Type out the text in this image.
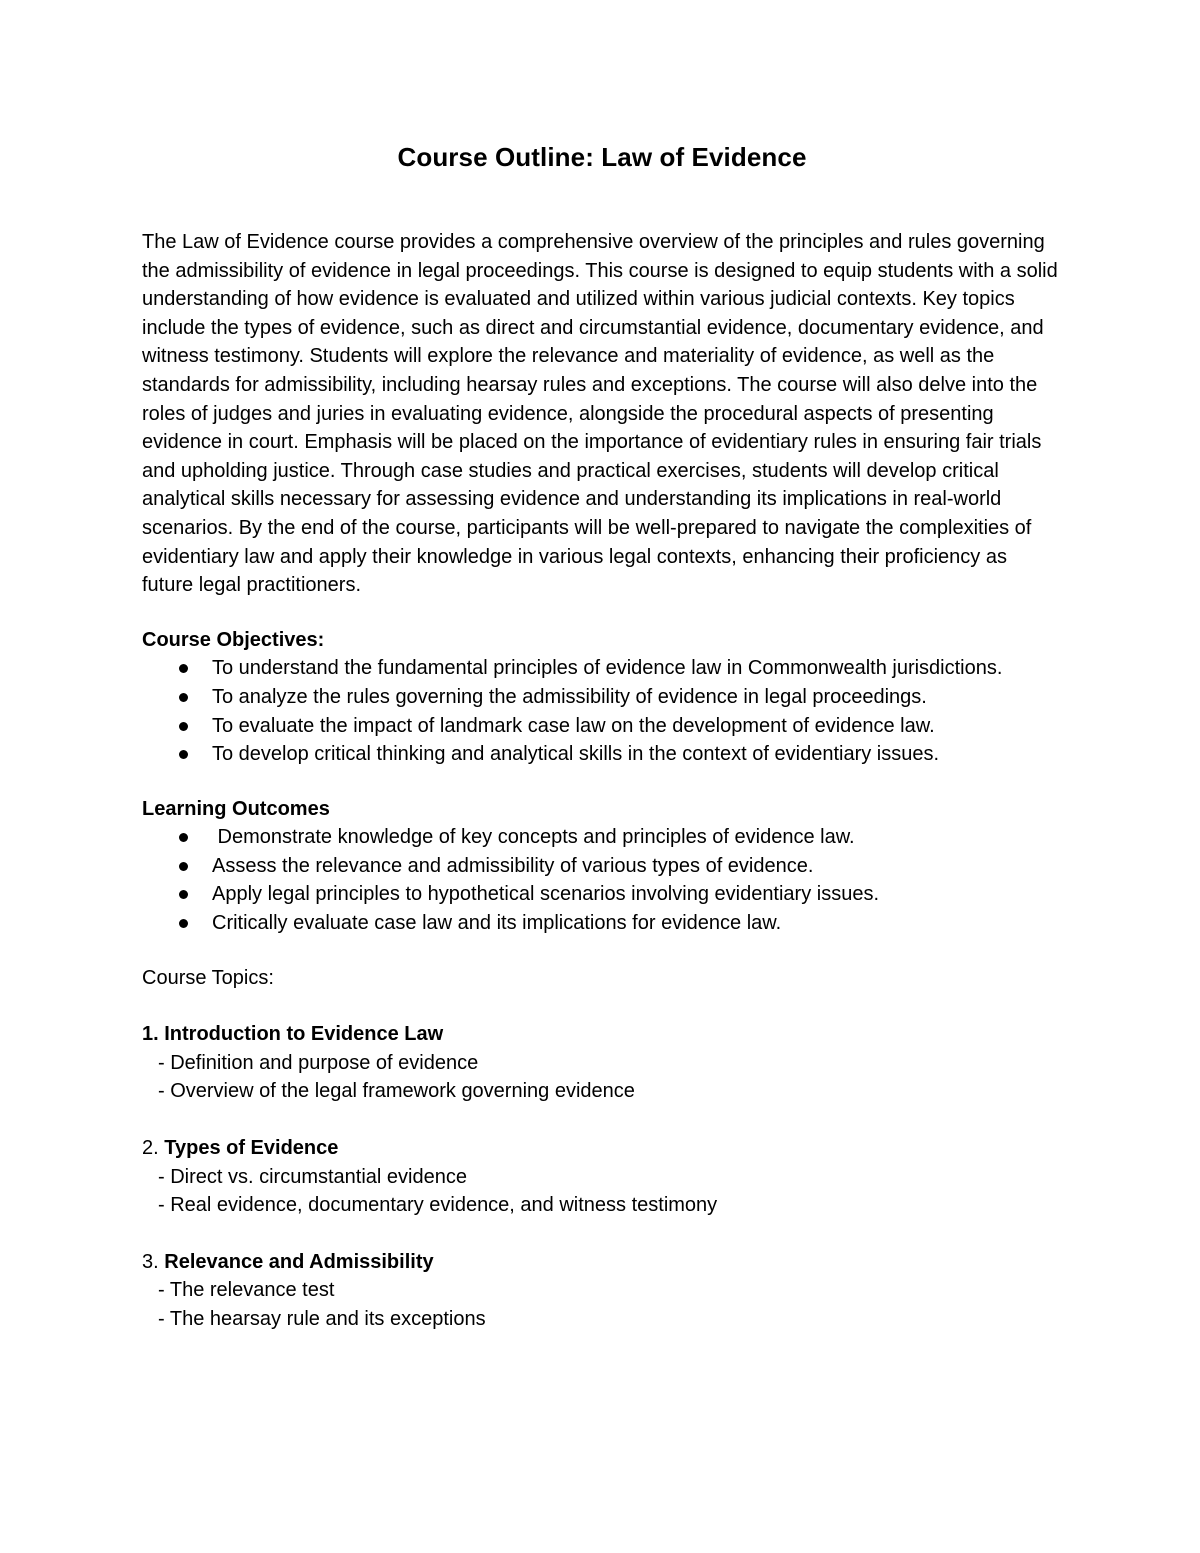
Course Outline: Law of Evidence

The Law of Evidence course provides a comprehensive overview of the principles and rules governing the admissibility of evidence in legal proceedings. This course is designed to equip students with a solid understanding of how evidence is evaluated and utilized within various judicial contexts. Key topics include the types of evidence, such as direct and circumstantial evidence, documentary evidence, and witness testimony. Students will explore the relevance and materiality of evidence, as well as the standards for admissibility, including hearsay rules and exceptions. The course will also delve into the roles of judges and juries in evaluating evidence, alongside the procedural aspects of presenting evidence in court. Emphasis will be placed on the importance of evidentiary rules in ensuring fair trials and upholding justice. Through case studies and practical exercises, students will develop critical analytical skills necessary for assessing evidence and understanding its implications in real-world scenarios. By the end of the course, participants will be well-prepared to navigate the complexities of evidentiary law and apply their knowledge in various legal contexts, enhancing their proficiency as future legal practitioners.

Course Objectives:

To understand the fundamental principles of evidence law in Commonwealth jurisdictions.
To analyze the rules governing the admissibility of evidence in legal proceedings.
To evaluate the impact of landmark case law on the development of evidence law.
To develop critical thinking and analytical skills in the context of evidentiary issues.

Learning Outcomes

Demonstrate knowledge of key concepts and principles of evidence law.
Assess the relevance and admissibility of various types of evidence.
Apply legal principles to hypothetical scenarios involving evidentiary issues.
Critically evaluate case law and its implications for evidence law.

Course Topics:

1. Introduction to Evidence Law
- Definition and purpose of evidence
- Overview of the legal framework governing evidence
2. Types of Evidence
- Direct vs. circumstantial evidence
- Real evidence, documentary evidence, and witness testimony
3. Relevance and Admissibility
- The relevance test
- The hearsay rule and its exceptions
